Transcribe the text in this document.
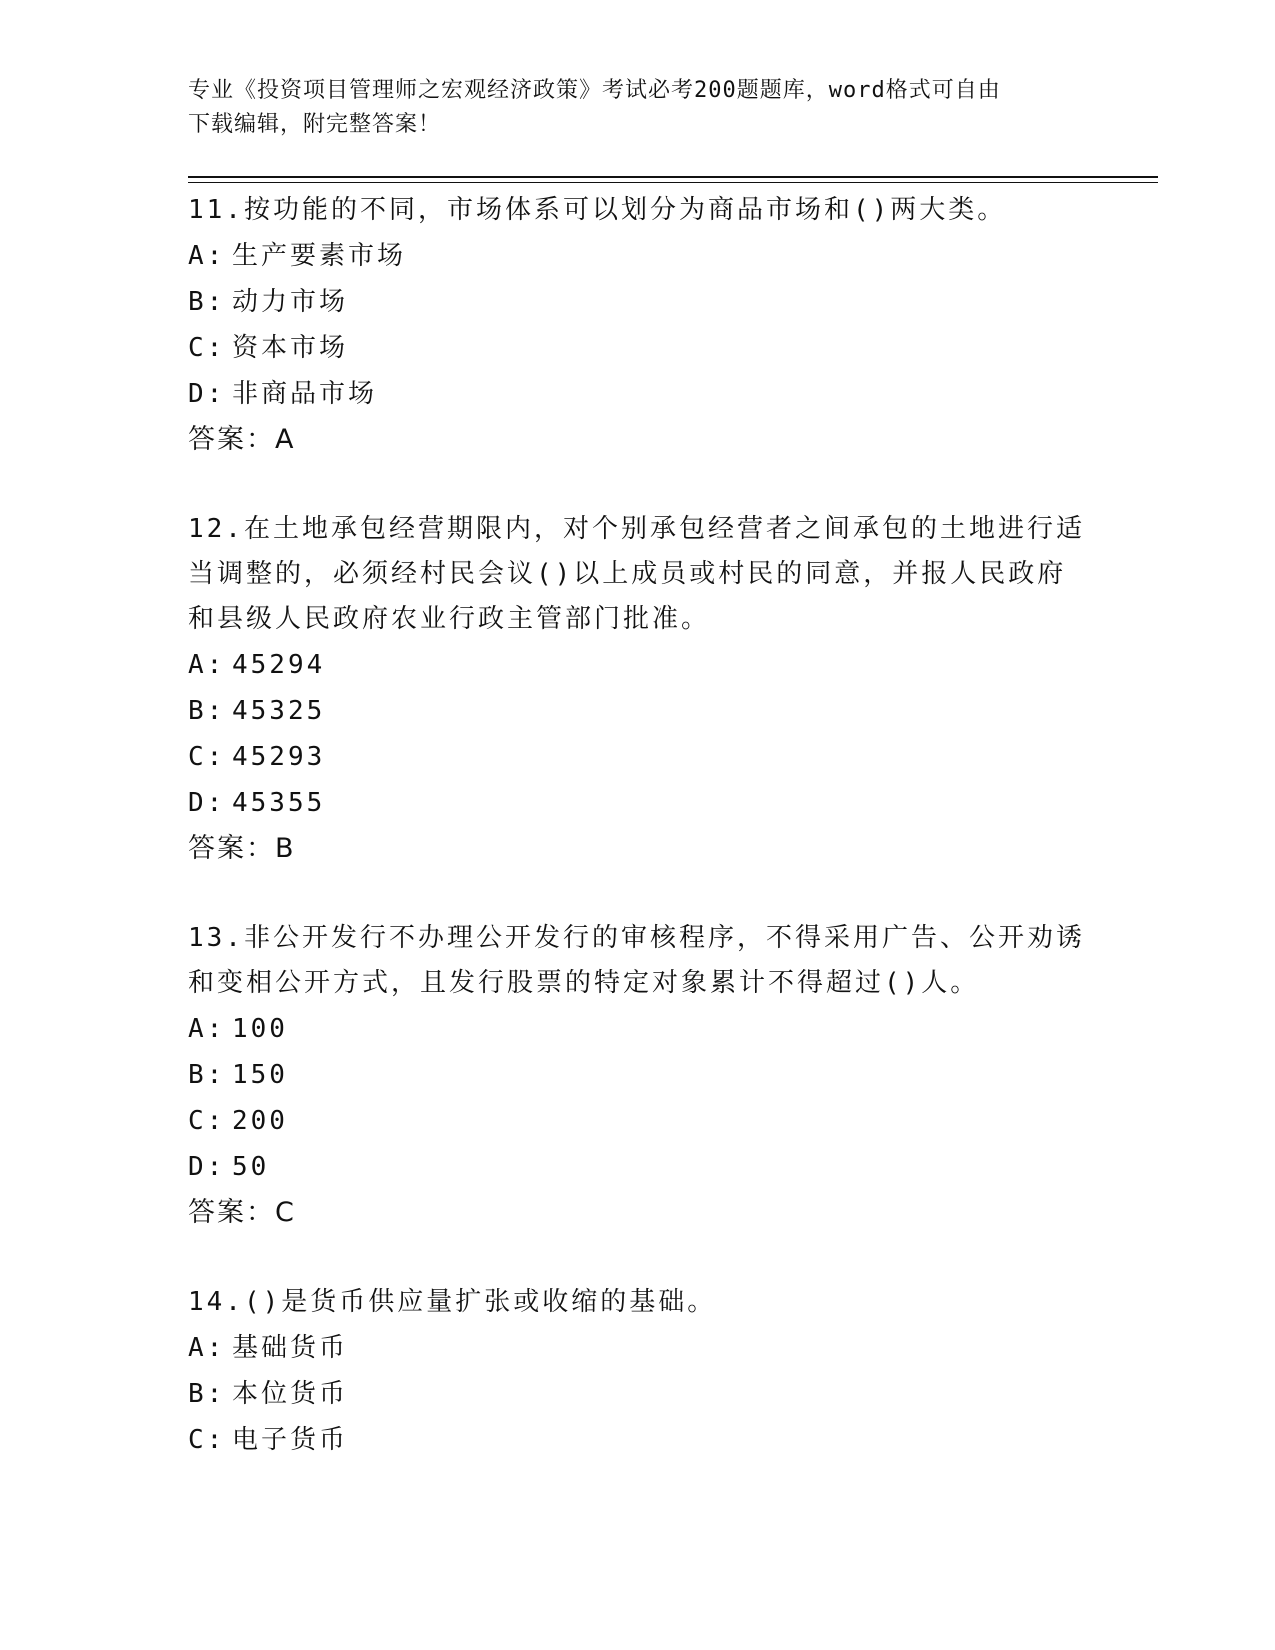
专业《投资项目管理师之宏观经济政策》考试必考200题题库，word格式可自由
下载编辑，附完整答案！

11.按功能的不同，市场体系可以划分为商品市场和()两大类。

A: 生产要素市场

B: 动力市场

C: 资本市场

D: 非商品市场

答案：A

12.在土地承包经营期限内，对个别承包经营者之间承包的土地进行适

当调整的，必须经村民会议()以上成员或村民的同意，并报人民政府

和县级人民政府农业行政主管部门批准。

A: 45294

B: 45325

C: 45293

D: 45355

答案：B

13.非公开发行不办理公开发行的审核程序，不得采用广告、公开劝诱

和变相公开方式，且发行股票的特定对象累计不得超过()人。

A: 100

B: 150

C: 200

D: 50

答案：C

14.()是货币供应量扩张或收缩的基础。

A: 基础货币

B: 本位货币

C: 电子货币
